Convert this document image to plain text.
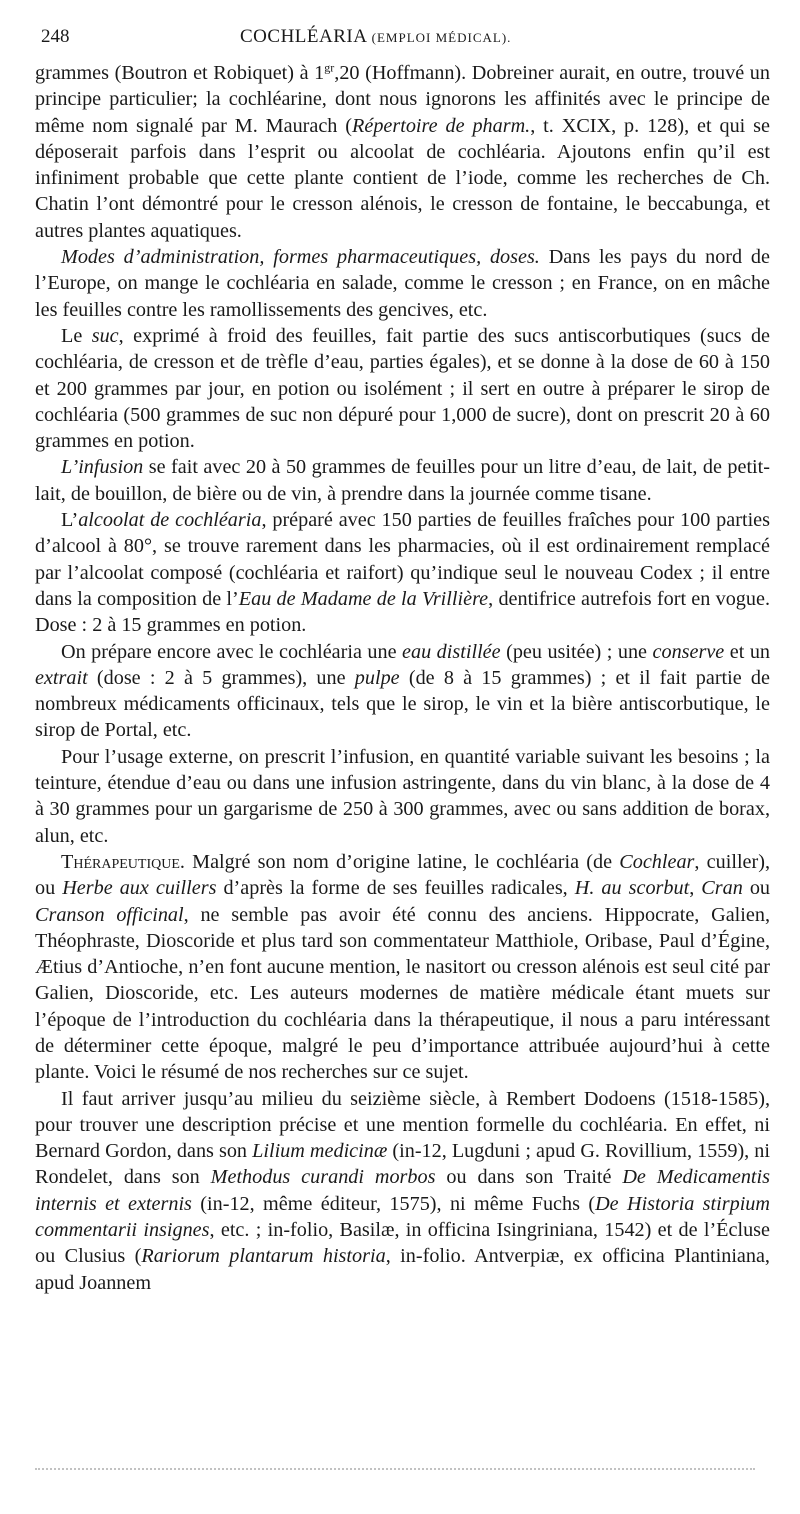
248	COCHLÉARIA (EMPLOI MÉDICAL).

grammes (Boutron et Robiquet) à $1^{gr},20$ (Hoffmann). Dobreiner aurait, en outre, trouvé un principe particulier; la cochléarine, dont nous ignorons les affinités avec le principe de même nom signalé par M. Maurach (Répertoire de pharm., t. XCIX, p. 128), et qui se déposerait parfois dans l’esprit ou alcoolat de cochléaria. Ajoutons enfin qu’il est infiniment probable que cette plante contient de l’iode, comme les recherches de Ch. Chatin l’ont démontré pour le cresson alénois, le cresson de fontaine, le beccabunga, et autres plantes aquatiques.

Modes d’administration, formes pharmaceutiques, doses. Dans les pays du nord de l’Europe, on mange le cochléaria en salade, comme le cresson ; en France, on en mâche les feuilles contre les ramollissements des gencives, etc.

Le suc, exprimé à froid des feuilles, fait partie des sucs antiscorbutiques (sucs de cochléaria, de cresson et de trèfle d’eau, parties égales), et se donne à la dose de 60 à 150 et 200 grammes par jour, en potion ou isolément ; il sert en outre à préparer le sirop de cochléaria (500 grammes de suc non dépuré pour 1,000 de sucre), dont on prescrit 20 à 60 grammes en potion.

L’infusion se fait avec 20 à 50 grammes de feuilles pour un litre d’eau, de lait, de petit-lait, de bouillon, de bière ou de vin, à prendre dans la journée comme tisane.

L’alcoolat de cochléaria, préparé avec 150 parties de feuilles fraîches pour 100 parties d’alcool à 80°, se trouve rarement dans les pharmacies, où il est ordinairement remplacé par l’alcoolat composé (cochléaria et raifort) qu’indique seul le nouveau Codex ; il entre dans la composition de l’Eau de Madame de la Vrillière, dentifrice autrefois fort en vogue. Dose : 2 à 15 grammes en potion.

On prépare encore avec le cochléaria une eau distillée (peu usitée) ; une conserve et un extrait (dose : 2 à 5 grammes), une pulpe (de 8 à 15 grammes) ; et il fait partie de nombreux médicaments officinaux, tels que le sirop, le vin et la bière antiscorbutique, le sirop de Portal, etc.

Pour l’usage externe, on prescrit l’infusion, en quantité variable suivant les besoins ; la teinture, étendue d’eau ou dans une infusion astringente, dans du vin blanc, à la dose de 4 à 30 grammes pour un gargarisme de 250 à 300 grammes, avec ou sans addition de borax, alun, etc.

Thérapeutique. Malgré son nom d’origine latine, le cochléaria (de Cochlear, cuiller), ou Herbe aux cuillers d’après la forme de ses feuilles radicales, H. au scorbut, Cran ou Cranson officinal, ne semble pas avoir été connu des anciens. Hippocrate, Galien, Théophraste, Dioscoride et plus tard son commentateur Matthiole, Oribase, Paul d’Égine, Ætius d’Antioche, n’en font aucune mention, le nasitort ou cresson alénois est seul cité par Galien, Dioscoride, etc. Les auteurs modernes de matière médicale étant muets sur l’époque de l’introduction du cochléaria dans la thérapeutique, il nous a paru intéressant de déterminer cette époque, malgré le peu d’importance attribuée aujourd’hui à cette plante. Voici le résumé de nos recherches sur ce sujet.

Il faut arriver jusqu’au milieu du seizième siècle, à Rembert Dodoens (1518-1585), pour trouver une description précise et une mention formelle du cochléaria. En effet, ni Bernard Gordon, dans son Lilium medicinæ (in-12, Lugduni ; apud G. Rovillium, 1559), ni Rondelet, dans son Methodus curandi morbos ou dans son Traité De Medicamentis internis et externis (in-12, même éditeur, 1575), ni même Fuchs (De Historia stirpium commentarii insignes, etc. ; in-folio, Basilæ, in officina Isingriniana, 1542) et de l’Écluse ou Clusius (Rariorum plantarum historia, in-folio. Antverpiæ, ex officina Plantiniana, apud Joannem
